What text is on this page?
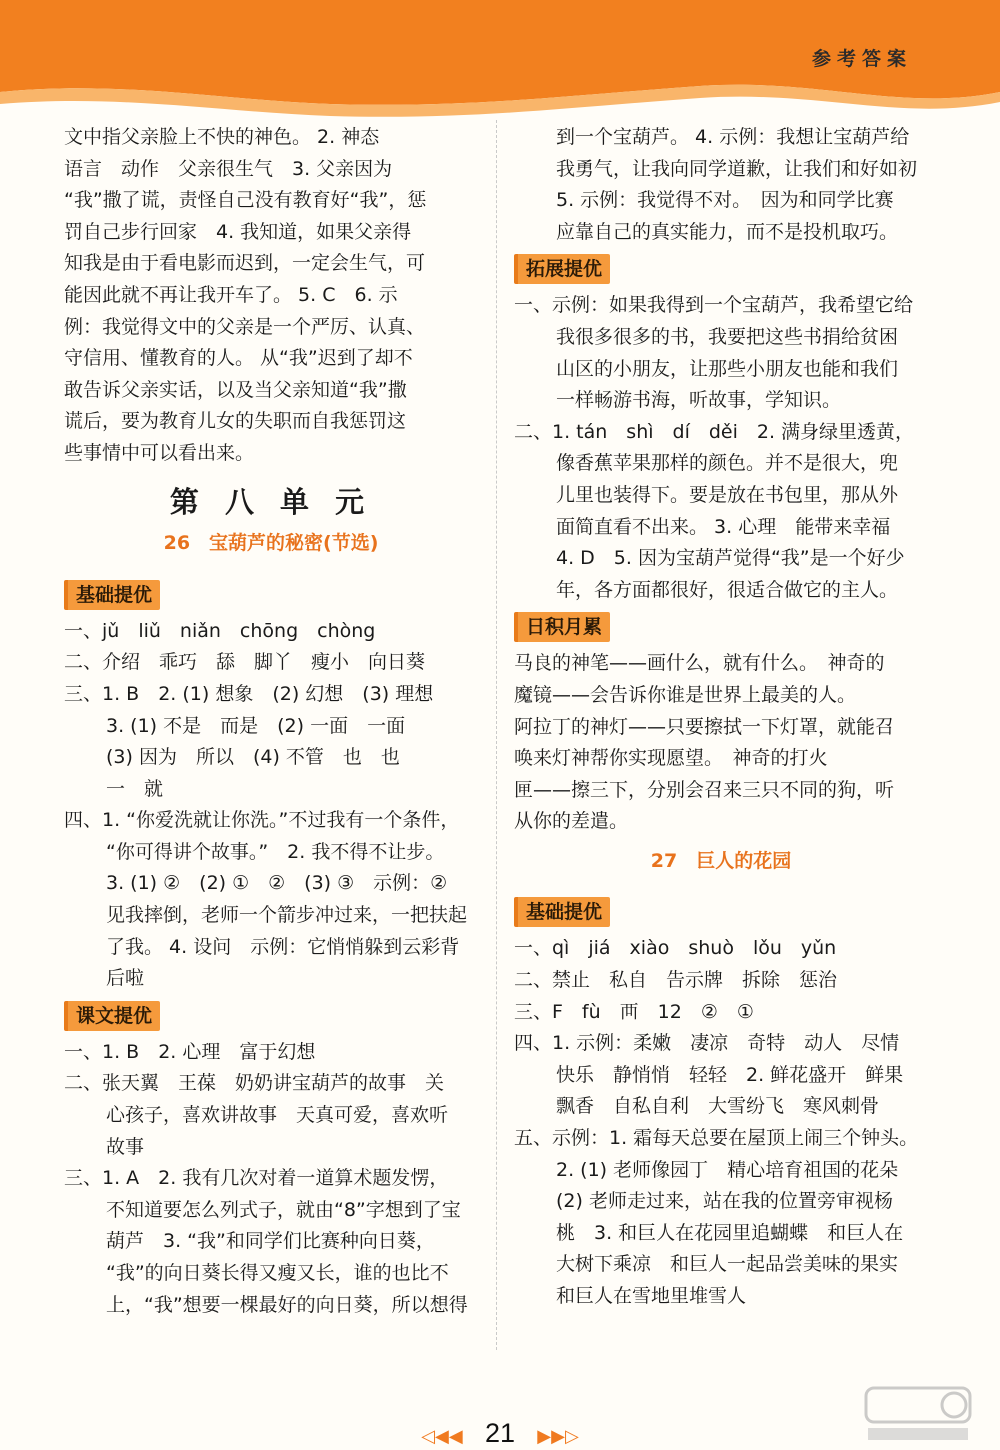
参考答案
文中指父亲脸上不快的神色。 2. 神态
语言　动作　父亲很生气　3. 父亲因为
“我”撒了谎，责怪自己没有教育好“我”，惩
罚自己步行回家　4. 我知道，如果父亲得
知我是由于看电影而迟到，一定会生气，可
能因此就不再让我开车了。 5. C　6. 示
例：我觉得文中的父亲是一个严厉、认真、
守信用、懂教育的人。 从“我”迟到了却不
敢告诉父亲实话，以及当父亲知道“我”撒
谎后，要为教育儿女的失职而自我惩罚这
些事情中可以看出来。
第 八 单 元
26　宝葫芦的秘密(节选)
基础提优
一、jǔ　liǔ　niǎn　chōng　chòng
二、介绍　乖巧　舔　脚丫　瘦小　向日葵
三、1. B　2. (1) 想象　(2) 幻想　(3) 理想
3. (1) 不是　而是　(2) 一面　一面
(3) 因为　所以　(4) 不管　也　也
一　就
四、1. “你爱洗就让你洗。”不过我有一个条件，
“你可得讲个故事。”　2. 我不得不让步。
3. (1) ②　(2) ①　②　(3) ③　示例：②
见我摔倒，老师一个箭步冲过来，一把扶起
了我。 4. 设问　示例：它悄悄躲到云彩背
后啦
课文提优
一、1. B　2. 心理　富于幻想
二、张天翼　王葆　奶奶讲宝葫芦的故事　关
心孩子，喜欢讲故事　天真可爱，喜欢听
故事
三、1. A　2. 我有几次对着一道算术题发愣，
不知道要怎么列式子，就由“8”字想到了宝
葫芦　3. “我”和同学们比赛种向日葵，
“我”的向日葵长得又瘦又长，谁的也比不
上，“我”想要一棵最好的向日葵，所以想得
到一个宝葫芦。 4. 示例：我想让宝葫芦给
我勇气，让我向同学道歉，让我们和好如初
5. 示例：我觉得不对。　因为和同学比赛
应靠自己的真实能力，而不是投机取巧。
拓展提优
一、示例：如果我得到一个宝葫芦，我希望它给
我很多很多的书，我要把这些书捐给贫困
山区的小朋友，让那些小朋友也能和我们
一样畅游书海，听故事，学知识。
二、1. tán　shì　dí　děi　2. 满身绿里透黄，
像香蕉苹果那样的颜色。并不是很大，兜
儿里也装得下。要是放在书包里，那从外
面简直看不出来。 3. 心理　能带来幸福
4. D　5. 因为宝葫芦觉得“我”是一个好少
年，各方面都很好，很适合做它的主人。
日积月累
马良的神笔——画什么，就有什么。　神奇的
魔镜——会告诉你谁是世界上最美的人。
阿拉丁的神灯——只要擦拭一下灯罩，就能召
唤来灯神帮你实现愿望。　神奇的打火
匣——擦三下，分别会召来三只不同的狗，听
从你的差遣。
27　巨人的花园
基础提优
一、qì　jiá　xiào　shuò　lǒu　yǔn
二、禁止　私自　告示牌　拆除　惩治
三、F　fù　襾　12　②　①
四、1. 示例：柔嫩　凄凉　奇特　动人　尽情
快乐　静悄悄　轻轻　2. 鲜花盛开　鲜果
飘香　自私自利　大雪纷飞　寒风刺骨
五、示例：1. 霜每天总要在屋顶上闹三个钟头。
2. (1) 老师像园丁　精心培育祖国的花朵
(2) 老师走过来，站在我的位置旁审视杨
桃　3. 和巨人在花园里追蝴蝶　和巨人在
大树下乘凉　和巨人一起品尝美味的果实
和巨人在雪地里堆雪人
◁◀◀ 21 ▶▶▷
